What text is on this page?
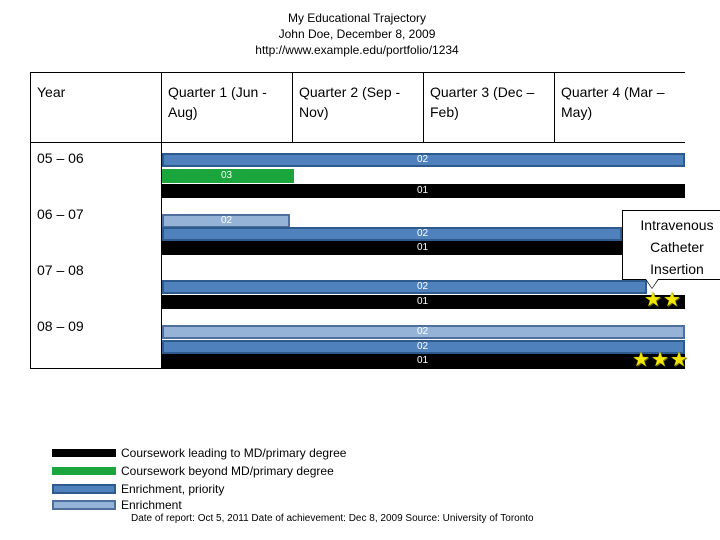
My Educational Trajectory
John Doe, December 8, 2009
http://www.example.edu/portfolio/1234
Year	Quarter 1 (Jun - Aug)
Quarter 2 (Sep - Nov)
Quarter 3 (Dec – Feb)
Quarter 4 (Mar – May)
05 – 06
06 – 07
07 – 08
08 – 09
02
03
01
02
02
01
02
01
02
02
01
Intravenous
Catheter
Insertion
★ ★
★ ★ ★
Coursework leading to MD/primary degree
Coursework beyond MD/primary degree
Enrichment, priority
Enrichment
Date of report: Oct 5, 2011 Date of achievement: Dec 8, 2009 Source: University of Toronto
